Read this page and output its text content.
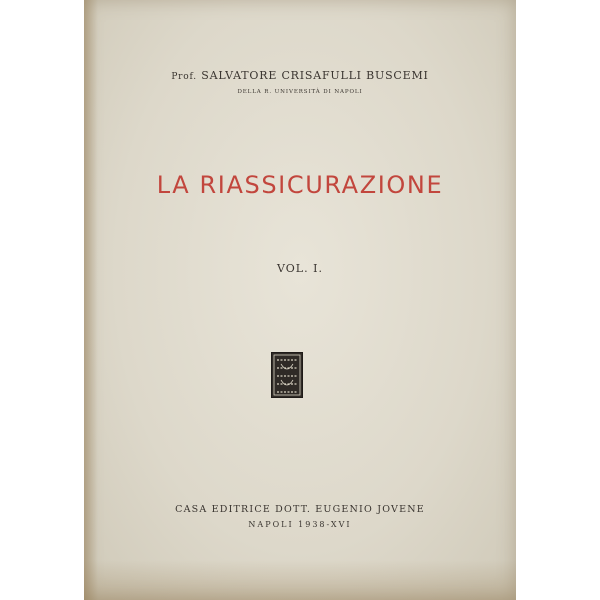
Prof. SALVATORE CRISAFULLI BUSCEMI
DELLA R. UNIVERSITÀ DI NAPOLI
LA RIASSICURAZIONE
VOL. I.
CASA EDITRICE DOTT. EUGENIO JOVENE
NAPOLI 1938-XVI
